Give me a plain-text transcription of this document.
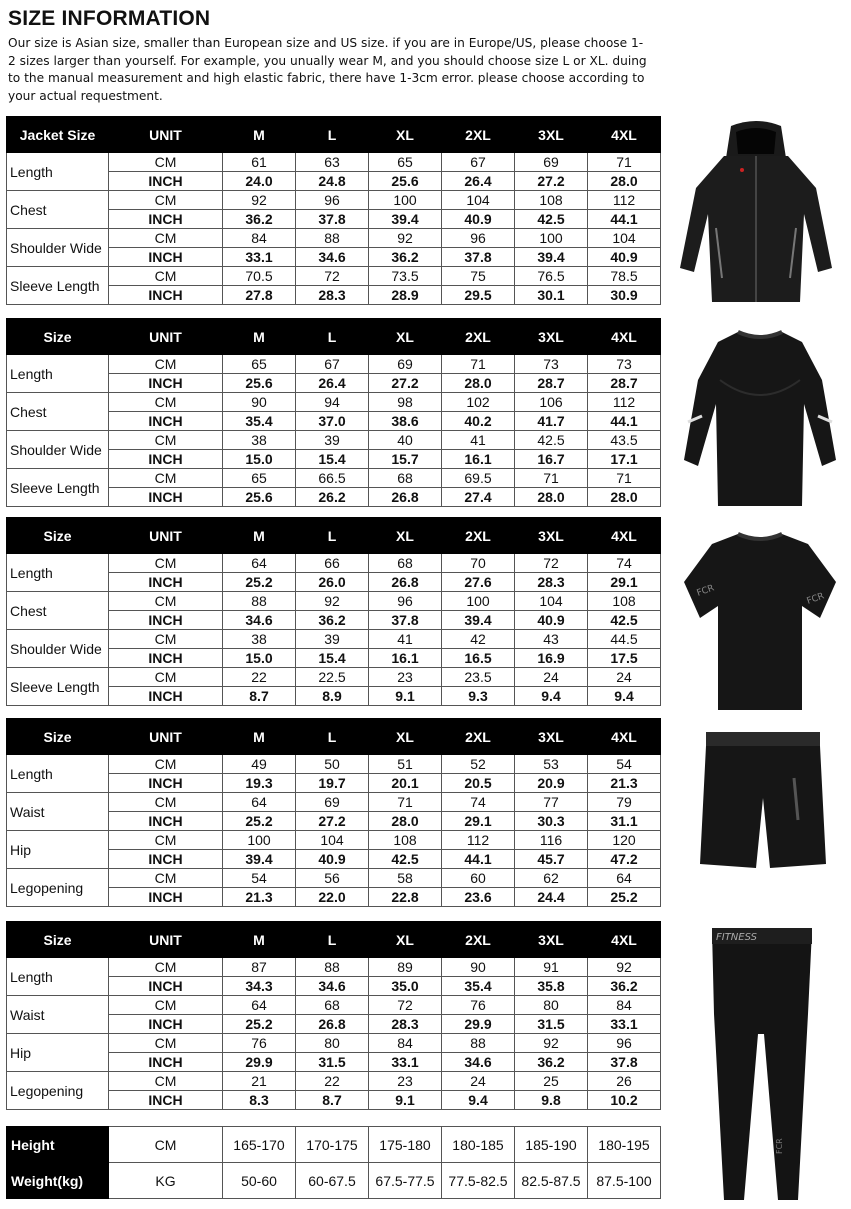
SIZE INFORMATION

Our size is Asian size, smaller than European size and US size. if you are in Europe/US, please choose 1-2 sizes larger than yourself. For example, you unually wear M, and you should choose size L or XL. duing to the manual measurement and high elastic fabric, there have 1-3cm error. please choose according to your actual requestment.

Jacket Size	UNIT	M	L	XL	2XL	3XL	4XL
Length	CM	61	63	65	67	69	71
	INCH	24.0	24.8	25.6	26.4	27.2	28.0
Chest	CM	92	96	100	104	108	112
	INCH	36.2	37.8	39.4	40.9	42.5	44.1
Shoulder Wide	CM	84	88	92	96	100	104
	INCH	33.1	34.6	36.2	37.8	39.4	40.9
Sleeve Length	CM	70.5	72	73.5	75	76.5	78.5
	INCH	27.8	28.3	28.9	29.5	30.1	30.9
Size	UNIT	M	L	XL	2XL	3XL	4XL
Length	CM	65	67	69	71	73	73
	INCH	25.6	26.4	27.2	28.0	28.7	28.7
Chest	CM	90	94	98	102	106	112
	INCH	35.4	37.0	38.6	40.2	41.7	44.1
Shoulder Wide	CM	38	39	40	41	42.5	43.5
	INCH	15.0	15.4	15.7	16.1	16.7	17.1
Sleeve Length	CM	65	66.5	68	69.5	71	71
	INCH	25.6	26.2	26.8	27.4	28.0	28.0
Size	UNIT	M	L	XL	2XL	3XL	4XL
Length	CM	64	66	68	70	72	74
	INCH	25.2	26.0	26.8	27.6	28.3	29.1
Chest	CM	88	92	96	100	104	108
	INCH	34.6	36.2	37.8	39.4	40.9	42.5
Shoulder Wide	CM	38	39	41	42	43	44.5
	INCH	15.0	15.4	16.1	16.5	16.9	17.5
Sleeve Length	CM	22	22.5	23	23.5	24	24
	INCH	8.7	8.9	9.1	9.3	9.4	9.4
Size	UNIT	M	L	XL	2XL	3XL	4XL
Length	CM	49	50	51	52	53	54
	INCH	19.3	19.7	20.1	20.5	20.9	21.3
Waist	CM	64	69	71	74	77	79
	INCH	25.2	27.2	28.0	29.1	30.3	31.1
Hip	CM	100	104	108	112	116	120
	INCH	39.4	40.9	42.5	44.1	45.7	47.2
Legopening	CM	54	56	58	60	62	64
	INCH	21.3	22.0	22.8	23.6	24.4	25.2
Size	UNIT	M	L	XL	2XL	3XL	4XL
Length	CM	87	88	89	90	91	92
	INCH	34.3	34.6	35.0	35.4	35.8	36.2
Waist	CM	64	68	72	76	80	84
	INCH	25.2	26.8	28.3	29.9	31.5	33.1
Hip	CM	76	80	84	88	92	96
	INCH	29.9	31.5	33.1	34.6	36.2	37.8
Legopening	CM	21	22	23	24	25	26
	INCH	8.3	8.7	9.1	9.4	9.8	10.2
Height	CM	165-170	170-175	175-180	180-185	185-190	180-195
Weight(kg)	KG	50-60	60-67.5	67.5-77.5	77.5-82.5	82.5-87.5	87.5-100
FCR
FCR
FITNESS
FCR
